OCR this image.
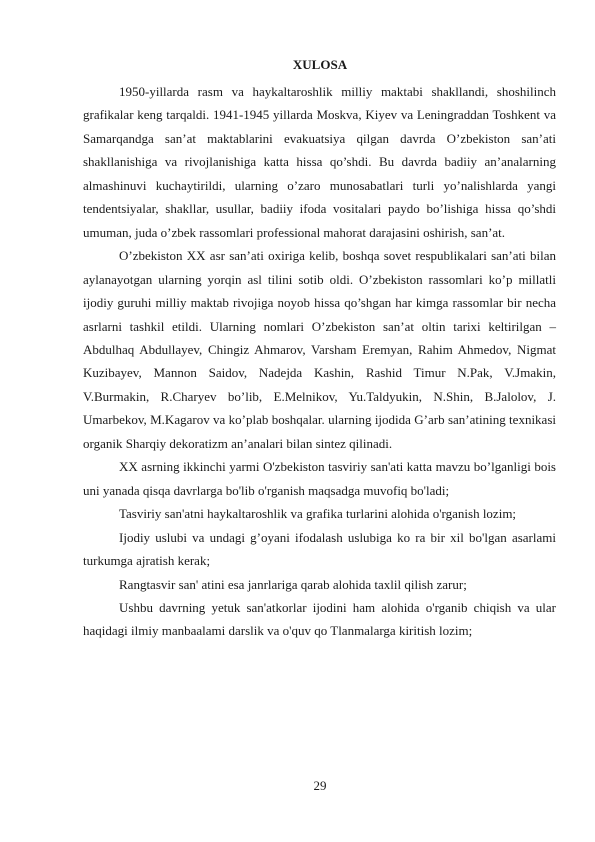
XULOSA

1950-yillarda rasm va haykaltaroshlik milliy maktabi shakllandi, shoshilinch grafikalar keng tarqaldi. 1941-1945 yillarda Moskva, Kiyev va Leningraddan Toshkent va Samarqandga san’at maktablarini evakuatsiya qilgan davrda O’zbekiston san’ati shakllanishiga va rivojlanishiga katta hissa qo’shdi. Bu davrda badiiy an’analarning almashinuvi kuchaytirildi, ularning o’zaro munosabatlari turli yo’nalishlarda yangi tendentsiyalar, shakllar, usullar, badiiy ifoda vositalari paydo bo’lishiga hissa qo’shdi umuman, juda o’zbek rassomlari professional mahorat darajasini oshirish, san’at.

O’zbekiston XX asr san’ati oxiriga kelib, boshqa sovet respublikalari san’ati bilan aylanayotgan ularning yorqin asl tilini sotib oldi. O’zbekiston rassomlari ko’p millatli ijodiy guruhi milliy maktab rivojiga noyob hissa qo’shgan har kimga rassomlar bir necha asrlarni tashkil etildi. Ularning nomlari O’zbekiston san’at oltin tarixi keltirilgan – Abdulhaq Abdullayev, Chingiz Ahmarov, Varsham Eremyan, Rahim Ahmedov, Nigmat Kuzibayev, Mannon Saidov, Nadejda Kashin, Rashid Timur N.Pak, V.Jmakin, V.Burmakin, R.Charyev bo’lib, E.Melnikov, Yu.Taldyukin, N.Shin, B.Jalolov, J. Umarbekov, M.Kagarov va ko’plab boshqalar. ularning ijodida G’arb san’atining texnikasi organik Sharqiy dekoratizm an’analari bilan sintez qilinadi.

XX asrning ikkinchi yarmi O'zbekiston tasviriy san'ati katta mavzu bo’lganligi bois uni yanada qisqa davrlarga bo'lib o'rganish maqsadga muvofiq bo'ladi;

Tasviriy san'atni haykaltaroshlik va grafika turlarini alohida o'rganish lozim;

Ijodiy uslubi va undagi g’oyani ifodalash uslubiga ko ra bir xil bo'lgan asarlami turkumga ajratish kerak;

Rangtasvir san' atini esa janrlariga qarab alohida taxlil qilish zarur;

Ushbu davrning yetuk san'atkorlar ijodini ham alohida o'rganib chiqish va ular haqidagi ilmiy manbaalami darslik va o'quv qo Tlanmalarga kiritish lozim;

29
